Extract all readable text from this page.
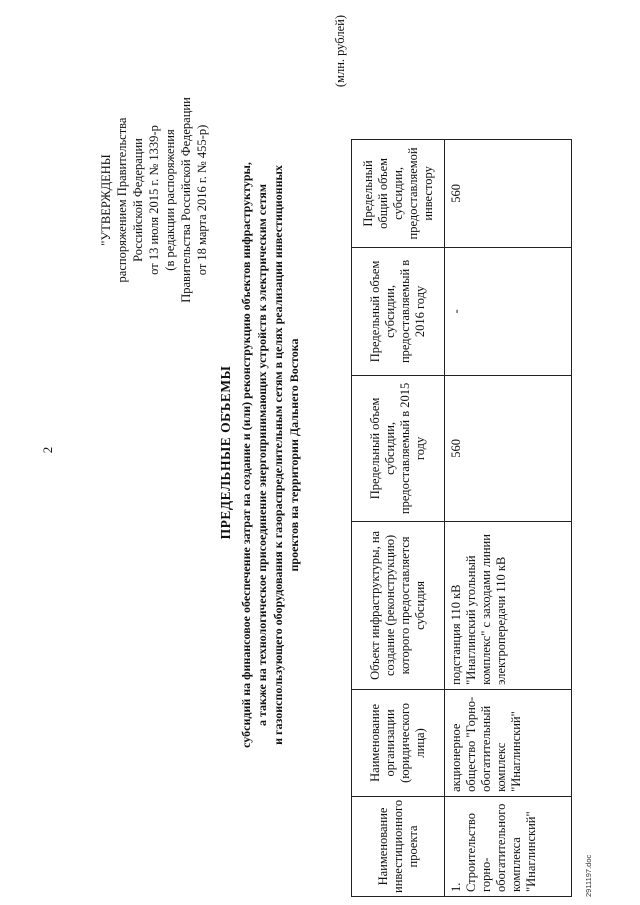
2
"УТВЕРЖДЕНЫ распоряжением Правительства Российской Федерации от 13 июля 2015 г. № 1339-р (в редакции распоряжения Правительства Российской Федерации от 18 марта 2016 г. № 455-р)
ПРЕДЕЛЬНЫЕ ОБЪЕМЫ субсидий на финансовое обеспечение затрат на создание и (или) реконструкцию объектов инфраструктуры, а также на технологическое присоединение энергопринимающих устройств к электрическим сетям и газоиспользующего оборудования к газораспределительным сетям в целях реализации инвестиционных проектов на территории Дальнего Востока
(млн. рублей)
Наименование инвестиционного проекта	Наименование организации (юридического лица)	Объект инфраструктуры, на создание (реконструкцию) которого предоставляется субсидия	Предельный объем субсидии, предоставляемый в 2015 году	Предельный объем субсидии, предоставляемый в 2016 году	Предельный общий объем субсидии, предоставляемой инвестору
1. Строительство горно-обогатительного комплекса "Инаглинский"	акционерное общество "Горно-обогатительный комплекс "Инаглинский"	подстанция 110 кВ "Инаглинский угольный комплекс" с заходами линии электропередачи 110 кВ	560	-	560
2911197.doc
